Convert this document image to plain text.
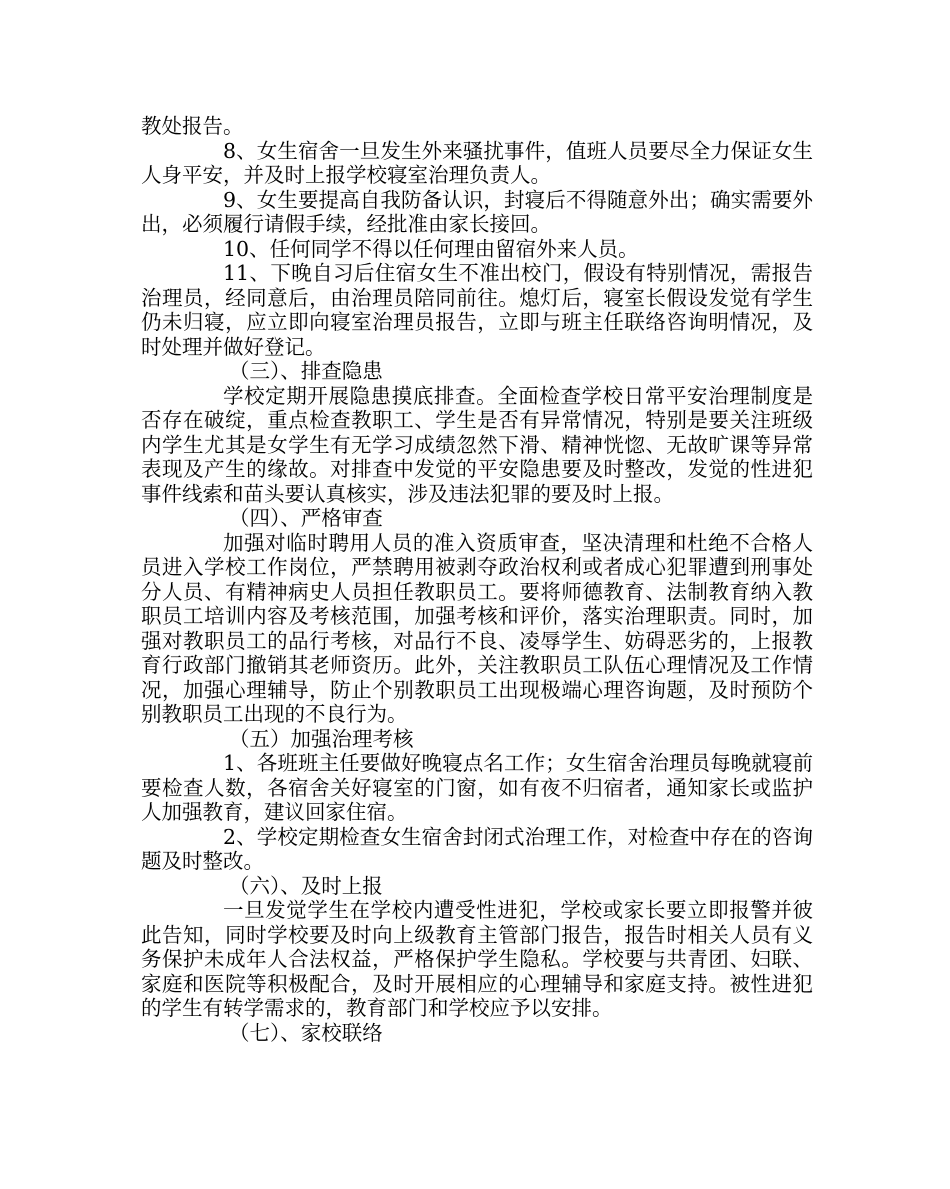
教处报告。

8、女生宿舍一旦发生外来骚扰事件，值班人员要尽全力保证女生人身平安，并及时上报学校寝室治理负责人。

9、女生要提高自我防备认识，封寝后不得随意外出；确实需要外出，必须履行请假手续，经批准由家长接回。

10、任何同学不得以任何理由留宿外来人员。

11、下晚自习后住宿女生不准出校门，假设有特别情况，需报告治理员，经同意后，由治理员陪同前往。熄灯后，寝室长假设发觉有学生仍未归寝，应立即向寝室治理员报告，立即与班主任联络咨询明情况，及时处理并做好登记。

（三）、排查隐患

学校定期开展隐患摸底排查。全面检查学校日常平安治理制度是否存在破绽，重点检查教职工、学生是否有异常情况，特别是要关注班级内学生尤其是女学生有无学习成绩忽然下滑、精神恍惚、无故旷课等异常表现及产生的缘故。对排查中发觉的平安隐患要及时整改，发觉的性进犯事件线索和苗头要认真核实，涉及违法犯罪的要及时上报。

（四）、严格审查

加强对临时聘用人员的准入资质审查，坚决清理和杜绝不合格人员进入学校工作岗位，严禁聘用被剥夺政治权利或者成心犯罪遭到刑事处分人员、有精神病史人员担任教职员工。要将师德教育、法制教育纳入教职员工培训内容及考核范围，加强考核和评价，落实治理职责。同时，加强对教职员工的品行考核，对品行不良、凌辱学生、妨碍恶劣的，上报教育行政部门撤销其老师资历。此外，关注教职员工队伍心理情况及工作情况，加强心理辅导，防止个别教职员工出现极端心理咨询题，及时预防个别教职员工出现的不良行为。

（五）加强治理考核

1、各班班主任要做好晚寝点名工作；女生宿舍治理员每晚就寝前要检查人数，各宿舍关好寝室的门窗，如有夜不归宿者，通知家长或监护人加强教育，建议回家住宿。

2、学校定期检查女生宿舍封闭式治理工作，对检查中存在的咨询题及时整改。

（六）、及时上报

一旦发觉学生在学校内遭受性进犯，学校或家长要立即报警并彼此告知，同时学校要及时向上级教育主管部门报告，报告时相关人员有义务保护未成年人合法权益，严格保护学生隐私。学校要与共青团、妇联、家庭和医院等积极配合，及时开展相应的心理辅导和家庭支持。被性进犯的学生有转学需求的，教育部门和学校应予以安排。

（七）、家校联络
